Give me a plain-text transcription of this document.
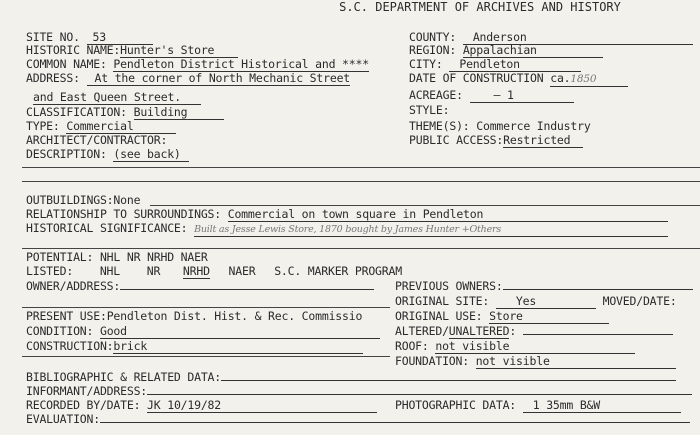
S.C. DEPARTMENT OF ARCHIVES AND HISTORY
SITE NO. 53
HISTORIC NAME:Hunter's Store
COMMON NAME: Pendleton District Historical and ****
ADDRESS: At the corner of North Mechanic Street
and East Queen Street.
CLASSIFICATION: Building
TYPE: Commercial
ARCHITECT/CONTRACTOR:
DESCRIPTION: (see back)
COUNTY: Anderson
REGION: Appalachian
CITY: Pendleton
DATE OF CONSTRUCTION ca.1850
ACREAGE:	— 1
STYLE:
THEME(S): Commerce Industry
PUBLIC ACCESS:Restricted
OUTBUILDINGS:None
RELATIONSHIP TO SURROUNDINGS: Commercial on town square in Pendleton
HISTORICAL SIGNIFICANCE: Built as Jesse Lewis Store, 1870 bought by James Hunter +Others
POTENTIAL: NHL NR NRHD NAER
LISTED: NHL NR NRHD NAER S.C. MARKER PROGRAM
OWNER/ADDRESS:	PREVIOUS OWNERS:
ORIGINAL SITE: Yes	MOVED/DATE:
PRESENT USE:Pendleton Dist. Hist. & Rec. Commissio	ORIGINAL USE: Store
CONDITION: Good	ALTERED/UNALTERED:
CONSTRUCTION:brick	ROOF: not visible
FOUNDATION: not visible
BIBLIOGRAPHIC & RELATED DATA:
INFORMANT/ADDRESS:
RECORDED BY/DATE: JK 10/19/82	PHOTOGRAPHIC DATA: 1 35mm B&W
EVALUATION:
